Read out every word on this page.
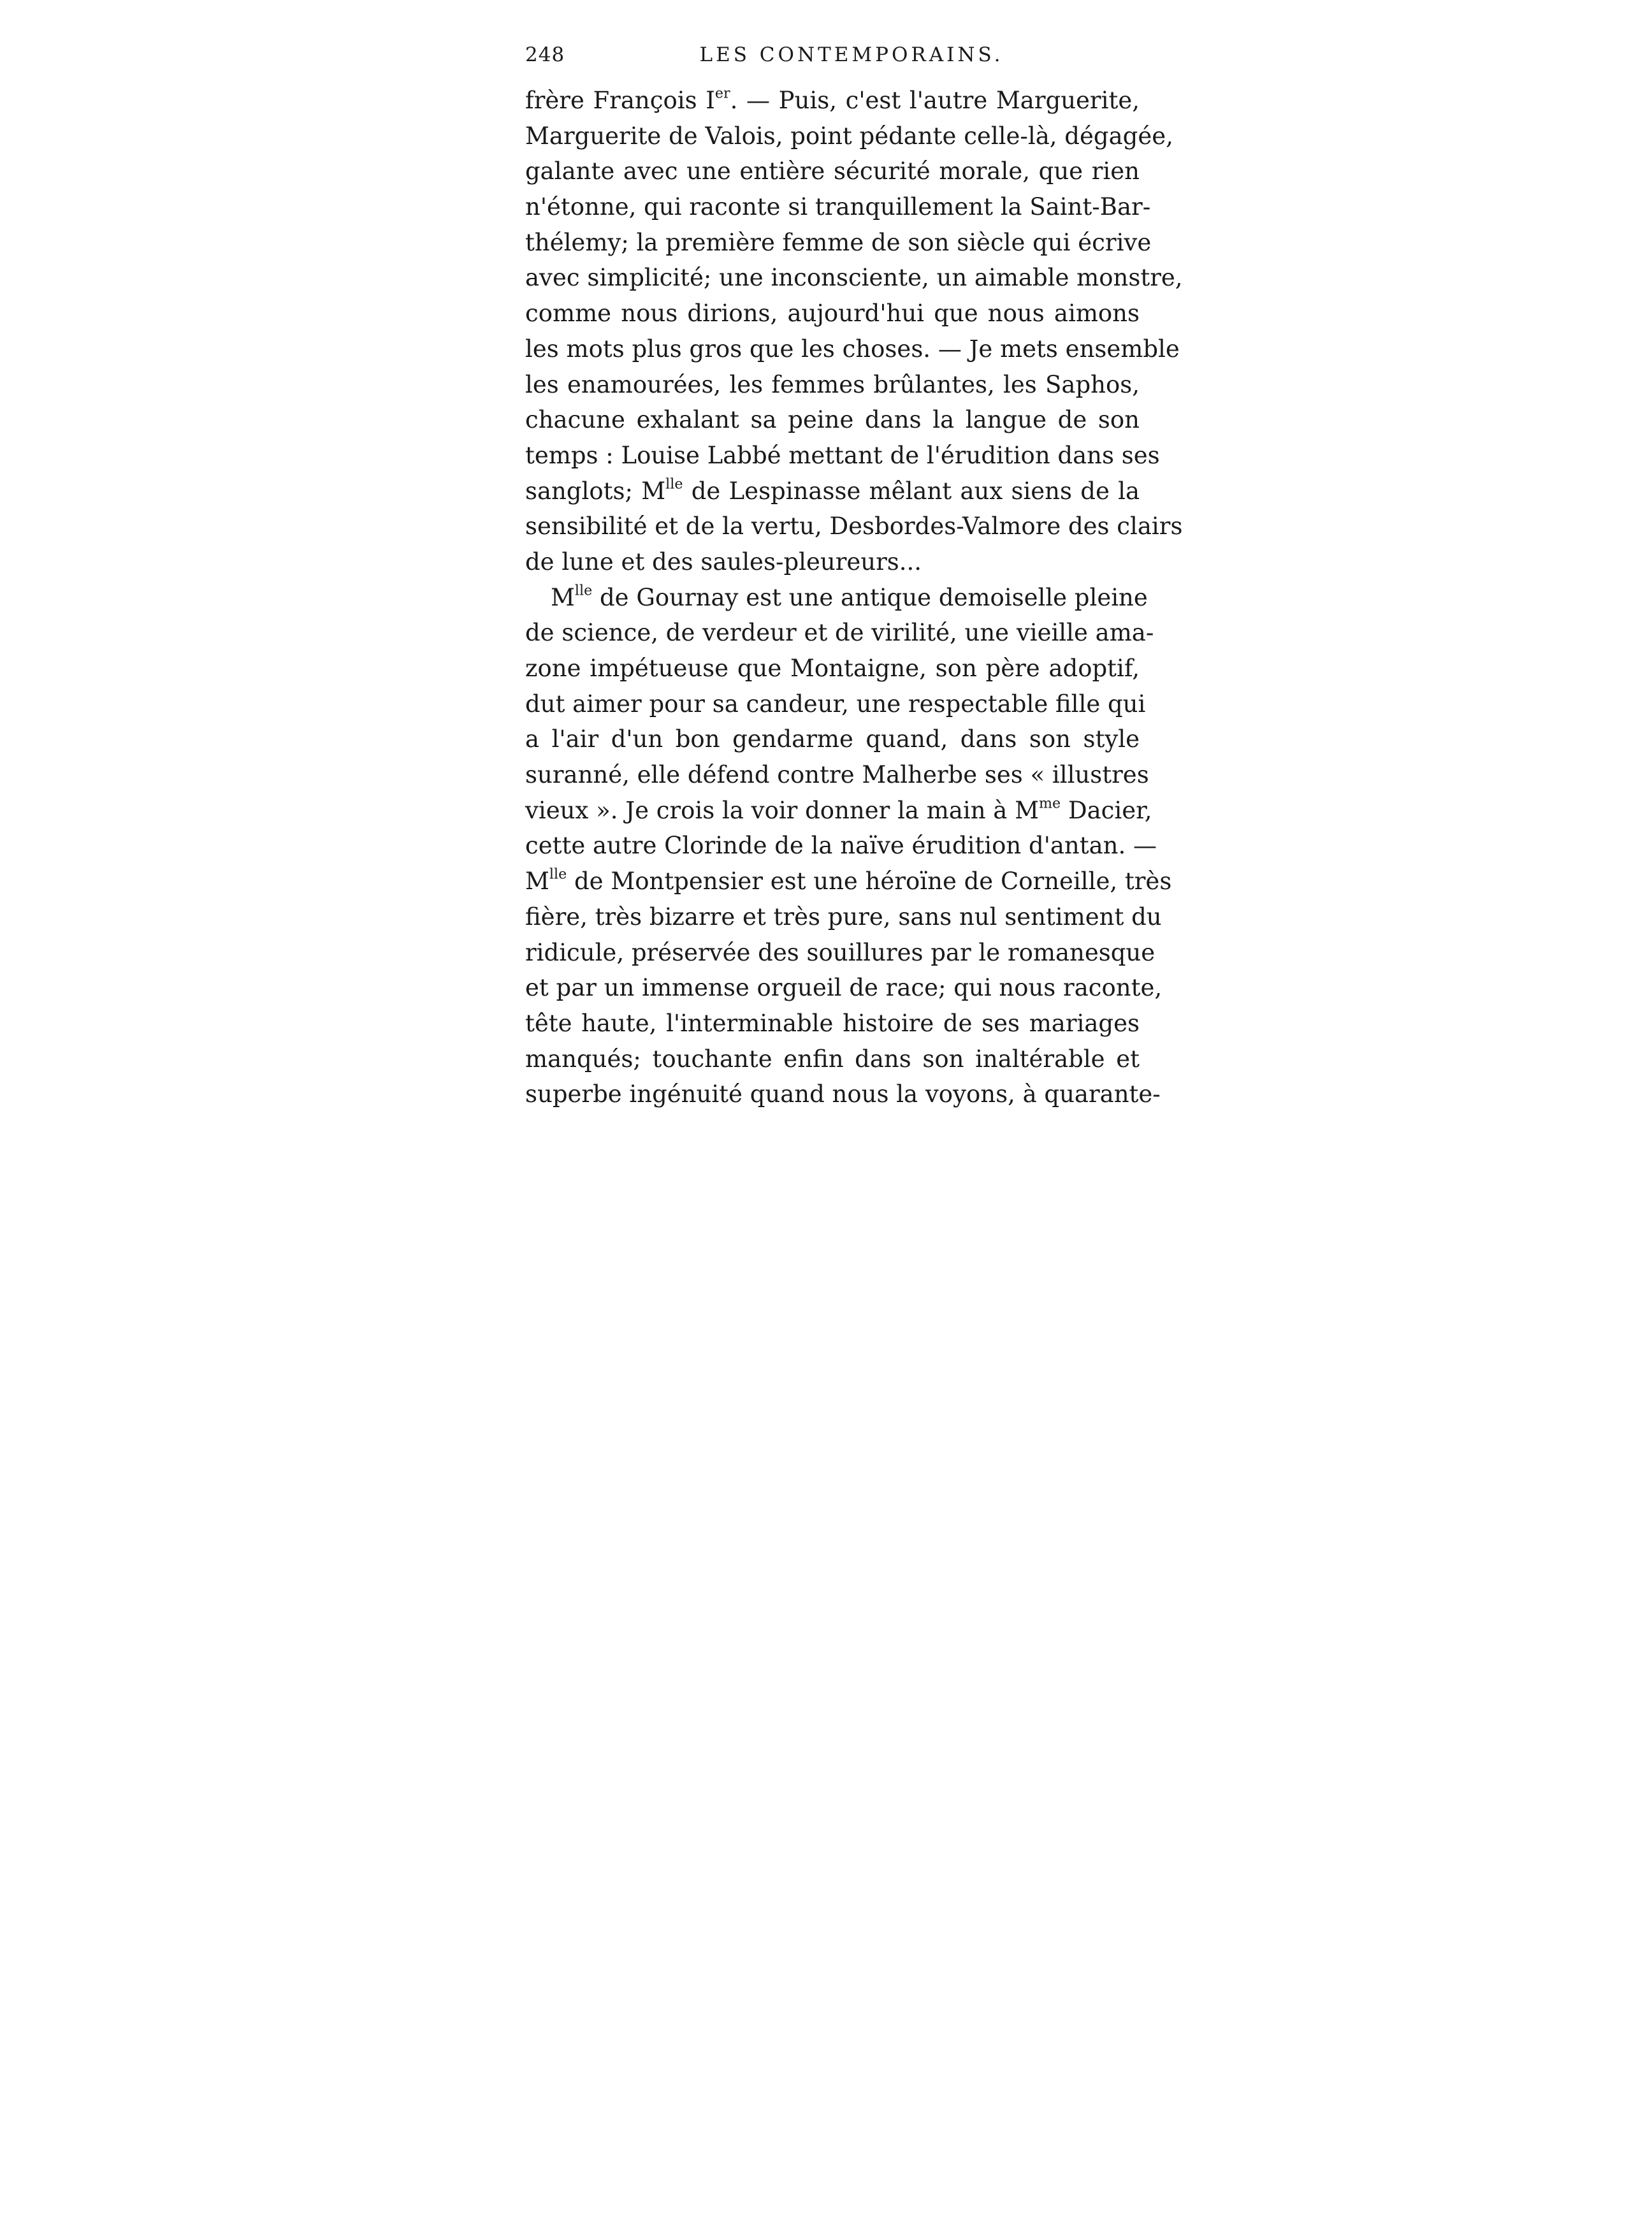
248	LES CONTEMPORAINS.
frère François Ier. — Puis, c'est l'autre Marguerite,
Marguerite de Valois, point pédante celle-là, dégagée,
galante avec une entière sécurité morale, que rien
n'étonne, qui raconte si tranquillement la Saint-Bar-
thélemy; la première femme de son siècle qui écrive
avec simplicité; une inconsciente, un aimable monstre,
comme nous dirions, aujourd'hui que nous aimons
les mots plus gros que les choses. — Je mets ensemble
les enamourées, les femmes brûlantes, les Saphos,
chacune exhalant sa peine dans la langue de son
temps : Louise Labbé mettant de l'érudition dans ses
sanglots; $M^{lle}$ de Lespinasse mêlant aux siens de la
sensibilité et de la vertu, Desbordes-Valmore des clairs
de lune et des saules-pleureurs...
$M^{lle}$ de Gournay est une antique demoiselle pleine
de science, de verdeur et de virilité, une vieille ama-
zone impétueuse que Montaigne, son père adoptif,
dut aimer pour sa candeur, une respectable fille qui
a l'air d'un bon gendarme quand, dans son style
suranné, elle défend contre Malherbe ses « illustres
vieux ». Je crois la voir donner la main à $M^{me}$ Dacier,
cette autre Clorinde de la naïve érudition d'antan. —
$M^{lle}$ de Montpensier est une héroïne de Corneille, très
fière, très bizarre et très pure, sans nul sentiment du
ridicule, préservée des souillures par le romanesque
et par un immense orgueil de race; qui nous raconte,
tête haute, l'interminable histoire de ses mariages
manqués; touchante enfin dans son inaltérable et
superbe ingénuité quand nous la voyons, à quarante-
